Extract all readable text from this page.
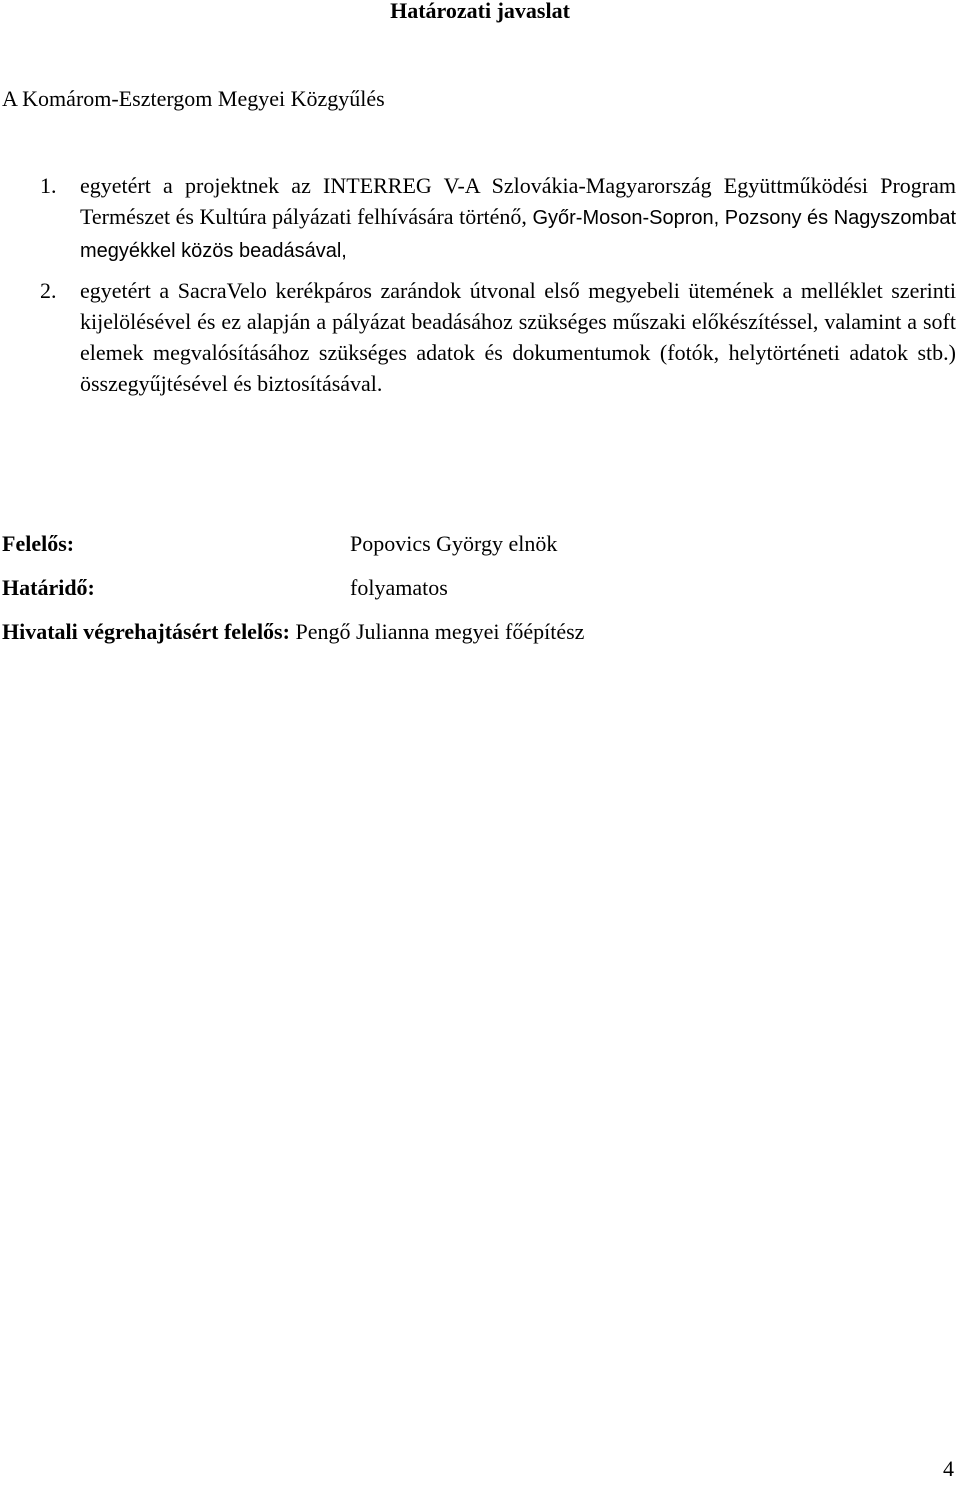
Határozati javaslat
A Komárom-Esztergom Megyei Közgyűlés
1. egyetért a projektnek az INTERREG V-A Szlovákia-Magyarország Együttműködési Program Természet és Kultúra pályázati felhívására történő, Győr-Moson-Sopron, Pozsony és Nagyszombat megyékkel közös beadásával,
2. egyetért a SacraVelo kerékpáros zarándok útvonal első megyebeli ütemének a melléklet szerinti kijelölésével és ez alapján a pályázat beadásához szükséges műszaki előkészítéssel, valamint a soft elemek megvalósításához szükséges adatok és dokumentumok (fotók, helytörténeti adatok stb.) összegyűjtésével és biztosításával.
Felelős:	Popovics György elnök
Határidő:	folyamatos
Hivatali végrehajtásért felelős: Pengő Julianna megyei főépítész
4
